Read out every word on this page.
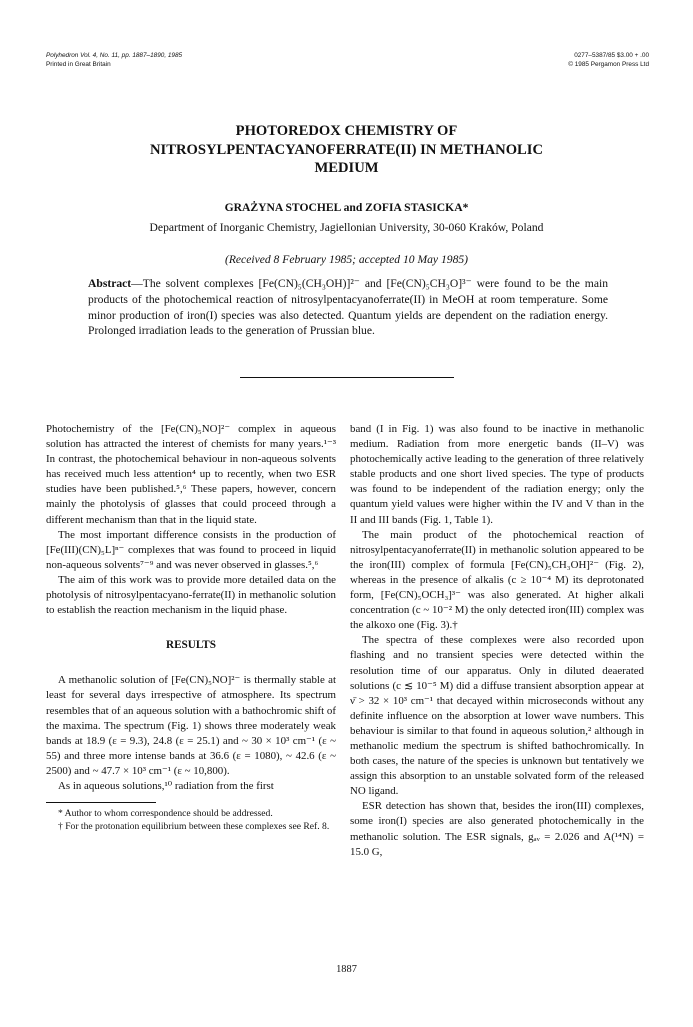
Polyhedron Vol. 4, No. 11, pp. 1887–1890, 1985
Printed in Great Britain
0277–5387/85 $3.00 + .00
© 1985 Pergamon Press Ltd
PHOTOREDOX CHEMISTRY OF
NITROSYLPENTACYANOFERRATE(II) IN METHANOLIC
MEDIUM
GRAŻYNA STOCHEL and ZOFIA STASICKA*
Department of Inorganic Chemistry, Jagiellonian University, 30-060 Kraków, Poland
(Received 8 February 1985; accepted 10 May 1985)
Abstract—The solvent complexes [Fe(CN)₅(CH₃OH)]²⁻ and [Fe(CN)₅CH₃O]³⁻ were found to be the main products of the photochemical reaction of nitrosylpentacyanoferrate(II) in MeOH at room temperature. Some minor production of iron(I) species was also detected. Quantum yields are dependent on the radiation energy. Prolonged irradiation leads to the generation of Prussian blue.

Photochemistry of the [Fe(CN)₅NO]²⁻ complex in aqueous solution has attracted the interest of chemists for many years.¹⁻³ In contrast, the photochemical behaviour in non-aqueous solvents has received much less attention⁴ up to recently, when two ESR studies have been published.⁵,⁶ These papers, however, concern mainly the photolysis of glasses that could proceed through a different mechanism than that in the liquid state.

The most important difference consists in the production of [Fe(III)(CN)₅L]ⁿ⁻ complexes that was found to proceed in liquid non-aqueous solvents⁷⁻⁹ and was never observed in glasses.⁵,⁶

The aim of this work was to provide more detailed data on the photolysis of nitrosylpentacyano-ferrate(II) in methanolic solution to establish the reaction mechanism in the liquid phase.

RESULTS

A methanolic solution of [Fe(CN)₅NO]²⁻ is thermally stable at least for several days irrespective of atmosphere. Its spectrum resembles that of an aqueous solution with a bathochromic shift of the maxima. The spectrum (Fig. 1) shows three moderately weak bands at 18.9 (ε = 9.3), 24.8 (ε = 25.1) and ~ 30 × 10³ cm⁻¹ (ε ~ 55) and three more intense bands at 36.6 (ε = 1080), ~ 42.6 (ε ~ 2500) and ~ 47.7 × 10³ cm⁻¹ (ε ~ 10,800).

As in aqueous solutions,¹⁰ radiation from the first

* Author to whom correspondence should be addressed.

† For the protonation equilibrium between these complexes see Ref. 8.

band (I in Fig. 1) was also found to be inactive in methanolic medium. Radiation from more energetic bands (II–V) was photochemically active leading to the generation of three relatively stable products and one short lived species. The type of products was found to be independent of the radiation energy; only the quantum yield values were higher within the IV and V than in the II and III bands (Fig. 1, Table 1).

The main product of the photochemical reaction of nitrosylpentacyanoferrate(II) in methanolic solution appeared to be the iron(III) complex of formula [Fe(CN)₅CH₃OH]²⁻ (Fig. 2), whereas in the presence of alkalis (c ≥ 10⁻⁴ M) its deprotonated form, [Fe(CN)₅OCH₃]³⁻ was also generated. At higher alkali concentration (c ~ 10⁻² M) the only detected iron(III) complex was the alkoxo one (Fig. 3).†

The spectra of these complexes were also recorded upon flashing and no transient species were detected within the resolution time of our apparatus. Only in diluted deaerated solutions (c ≲ 10⁻⁵ M) did a diffuse transient absorption appear at ν̄ > 32 × 10³ cm⁻¹ that decayed within microseconds without any definite influence on the absorption at lower wave numbers. This behaviour is similar to that found in aqueous solution,² although in methanolic medium the spectrum is shifted bathochromically. In both cases, the nature of the species is unknown but tentatively we assign this absorption to an unstable solvated form of the released NO ligand.

ESR detection has shown that, besides the iron(III) complexes, some iron(I) species are also generated photochemically in the methanolic solution. The ESR signals, gₐᵥ = 2.026 and A(¹⁴N) = 15.0 G,

1887
